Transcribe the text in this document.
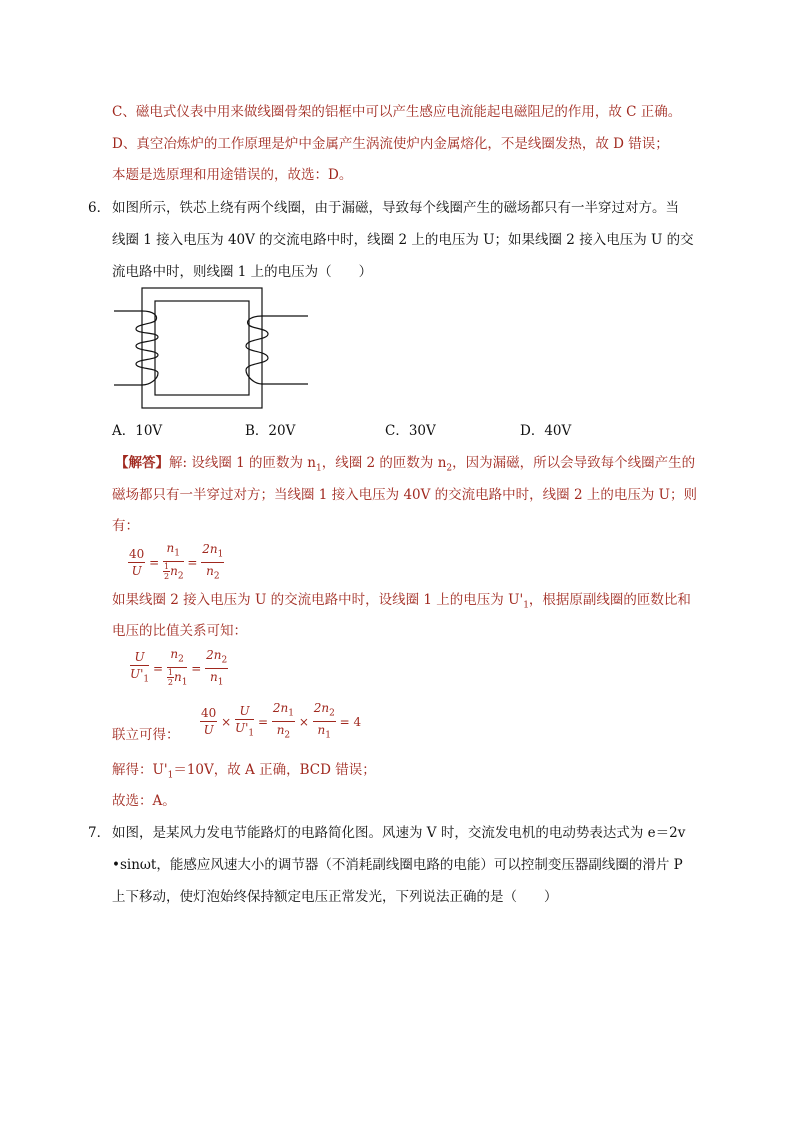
C、磁电式仪表中用来做线圈骨架的铝框中可以产生感应电流能起电磁阻尼的作用，故 C 正确。
D、真空冶炼炉的工作原理是炉中金属产生涡流使炉内金属熔化，不是线圈发热，故 D 错误；
本题是选原理和用途错误的，故选：D。
6． 如图所示，铁芯上绕有两个线圈，由于漏磁，导致每个线圈产生的磁场都只有一半穿过对方。当
线圈 1 接入电压为 40V 的交流电路中时，线圈 2 上的电压为 U；如果线圈 2 接入电压为 U 的交
流电路中时，则线圈 1 上的电压为（　　）
A．10V	B．20V	C．30V	D．40V
【解答】解: 设线圈 1 的匝数为 $n_1$，线圈 2 的匝数为 $n_2$，因为漏磁，所以会导致每个线圈产生的
磁场都只有一半穿过对方；当线圈 1 接入电压为 40V 的交流电路中时，线圈 2 上的电压为 U；则
有：
$\frac{40}{U} = \frac{n_1}{\frac{1}{2} n_2} = \frac{2n_1}{n_2}$
如果线圈 2 接入电压为 U 的交流电路中时，设线圈 1 上的电压为 $U'_1$，根据原副线圈的匝数比和
电压的比值关系可知：
$\frac{U}{U'_1} = \frac{n_2}{\frac{1}{2} n_1} = \frac{2n_2}{n_1}$
联立可得： $\frac{40}{U} \times \frac{U}{U'_1} = \frac{2n_1}{n_2} \times \frac{2n_2}{n_1} = 4$
解得：$U'_1=10V$，故 A 正确，BCD 错误；
故选：A。
7． 如图，是某风力发电节能路灯的电路简化图。风速为 V 时，交流发电机的电动势表达式为 e＝2v
•sinωt，能感应风速大小的调节器（不消耗副线圈电路的电能）可以控制变压器副线圈的滑片 P
上下移动，使灯泡始终保持额定电压正常发光，下列说法正确的是（　　）
